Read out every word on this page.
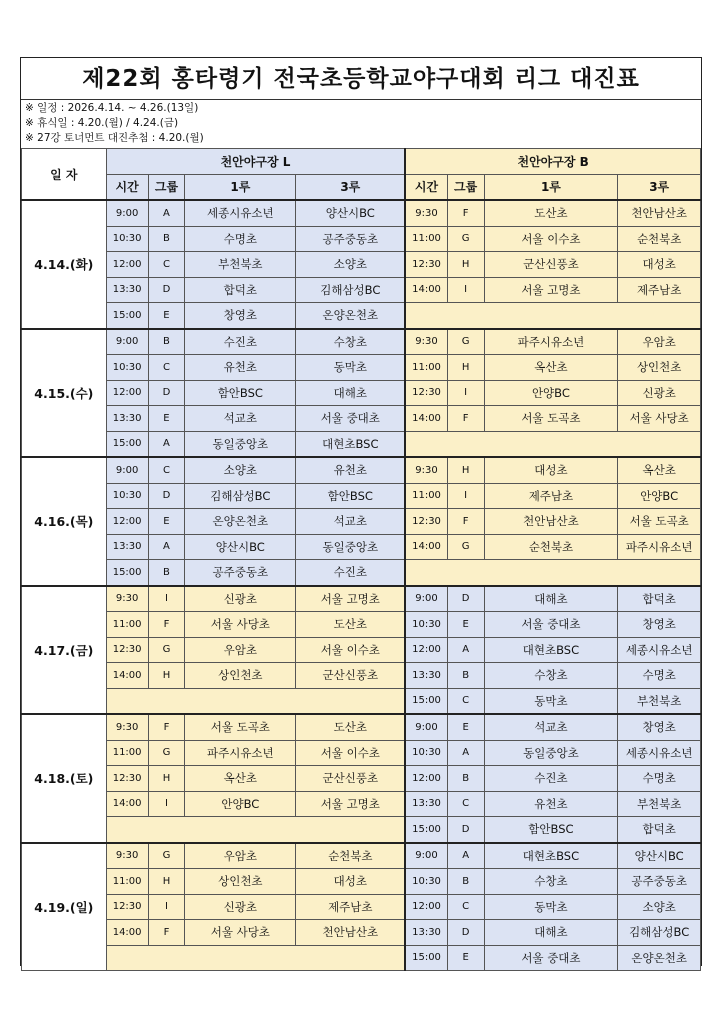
제22회 홍타령기 전국초등학교야구대회 리그 대진표
※ 일정 : 2026.4.14. ~ 4.26.(13일)
※ 휴식일 : 4.20.(월) / 4.24.(금)
※ 27강 토너먼트 대진추첨 : 4.20.(월)
일 자	천안야구장 L				천안야구장 B			
	시간	그룹	1루	3루	시간	그룹	1루	3루
4.14.(화)	9:00	A	세종시유소년	양산시BC	9:30	F	도산초	천안남산초
	10:30	B	수명초	공주중동초	11:00	G	서울 이수초	순천북초
	12:00	C	부천북초	소양초	12:30	H	군산신풍초	대성초
	13:30	D	합덕초	김해삼성BC	14:00	I	서울 고명초	제주남초
	15:00	E	창영초	온양온천초				
4.15.(수)	9:00	B	수진초	수창초	9:30	G	파주시유소년	우암초
	10:30	C	유천초	동막초	11:00	H	옥산초	상인천초
	12:00	D	함안BSC	대해초	12:30	I	안양BC	신광초
	13:30	E	석교초	서울 중대초	14:00	F	서울 도곡초	서울 사당초
	15:00	A	동일중앙초	대현초BSC				
4.16.(목)	9:00	C	소양초	유천초	9:30	H	대성초	옥산초
	10:30	D	김해삼성BC	함안BSC	11:00	I	제주남초	안양BC
	12:00	E	온양온천초	석교초	12:30	F	천안남산초	서울 도곡초
	13:30	A	양산시BC	동일중앙초	14:00	G	순천북초	파주시유소년
	15:00	B	공주중동초	수진초				
4.17.(금)	9:30	I	신광초	서울 고명초	9:00	D	대해초	합덕초
	11:00	F	서울 사당초	도산초	10:30	E	서울 중대초	창영초
	12:30	G	우암초	서울 이수초	12:00	A	대현초BSC	세종시유소년
	14:00	H	상인천초	군산신풍초	13:30	B	수창초	수명초
					15:00	C	동막초	부천북초
4.18.(토)	9:30	F	서울 도곡초	도산초	9:00	E	석교초	창영초
	11:00	G	파주시유소년	서울 이수초	10:30	A	동일중앙초	세종시유소년
	12:30	H	옥산초	군산신풍초	12:00	B	수진초	수명초
	14:00	I	안양BC	서울 고명초	13:30	C	유천초	부천북초
					15:00	D	함안BSC	합덕초
4.19.(일)	9:30	G	우암초	순천북초	9:00	A	대현초BSC	양산시BC
	11:00	H	상인천초	대성초	10:30	B	수창초	공주중동초
	12:30	I	신광초	제주남초	12:00	C	동막초	소양초
	14:00	F	서울 사당초	천안남산초	13:30	D	대해초	김해삼성BC
					15:00	E	서울 중대초	온양온천초
